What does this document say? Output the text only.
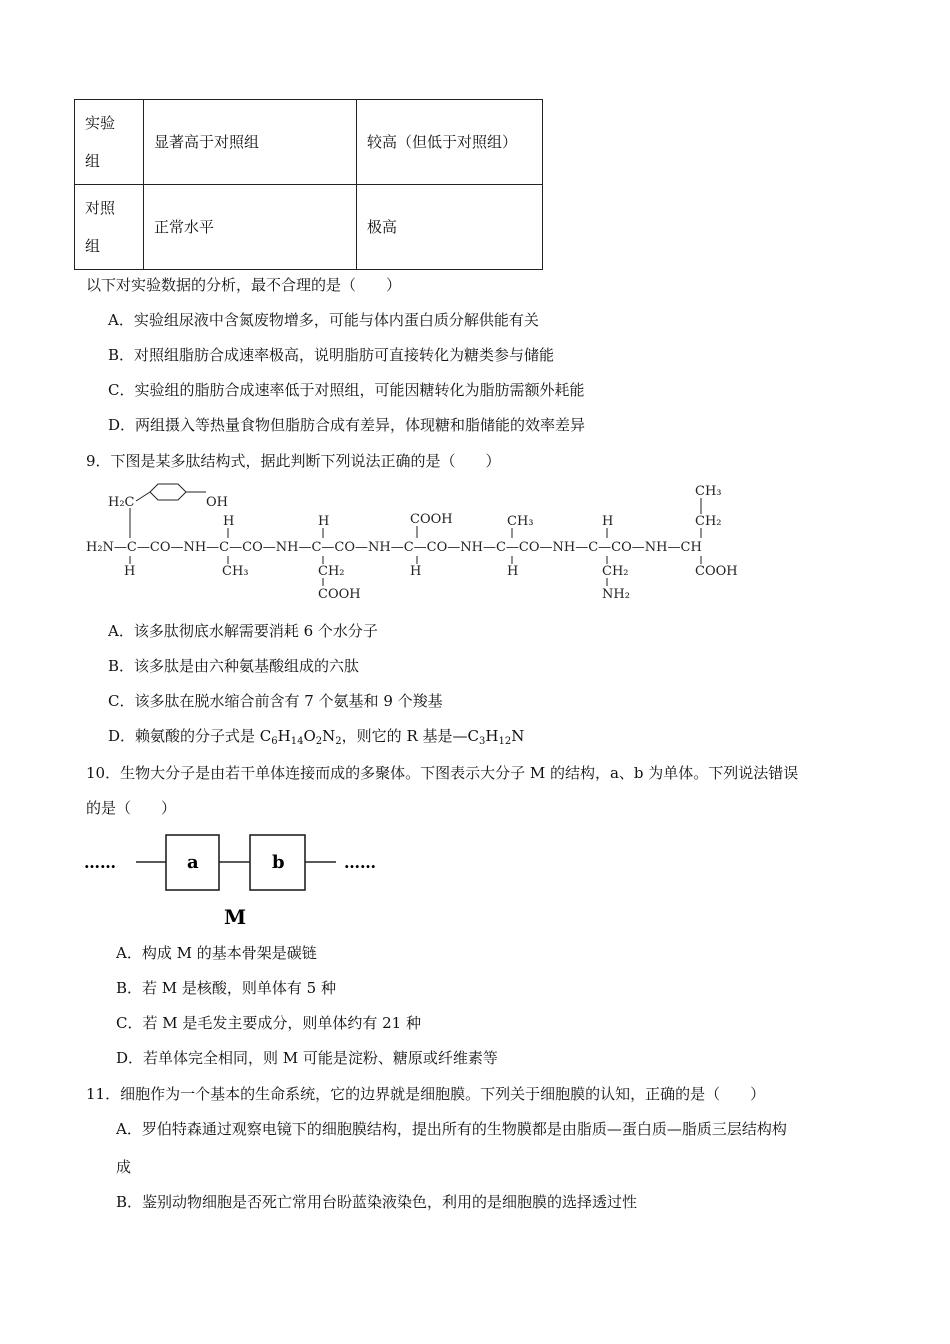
实验
组	显著高于对照组	较高（但低于对照组）
对照
组	正常水平	极高
以下对实验数据的分析，最不合理的是（　　）
A．实验组尿液中含氮废物增多，可能与体内蛋白质分解供能有关
B．对照组脂肪合成速率极高，说明脂肪可直接转化为糖类参与储能
C．实验组的脂肪合成速率低于对照组，可能因糖转化为脂肪需额外耗能
D．两组摄入等热量食物但脂肪合成有差异，体现糖和脂储能的效率差异
9．下图是某多肽结构式，据此判断下列说法正确的是（　　）
H₂C	OH
H	H	COOH	CH₃	H
CH₃
CH₂
H₂N—C—CO—NH—C—CO—NH—C—CO—NH—C—CO—NH—C—CO—NH—C—CO—NH—CH
H	CH₃	CH₂
COOH
H	H	CH₂
NH₂
COOH
A．该多肽彻底水解需要消耗 6 个水分子
B．该多肽是由六种氨基酸组成的六肽
C．该多肽在脱水缩合前含有 7 个氨基和 9 个羧基
D．赖氨酸的分子式是 $C_6H_{14}O_2N_2$，则它的 R 基是$—C_3H_{12}N$
10．生物大分子是由若干单体连接而成的多聚体。下图表示大分子 M 的结构，a、b 为单体。下列说法错误
的是（　　）
……	a	b	……
M
A．构成 M 的基本骨架是碳链
B．若 M 是核酸，则单体有 5 种
C．若 M 是毛发主要成分，则单体约有 21 种
D．若单体完全相同，则 M 可能是淀粉、糖原或纤维素等
11．细胞作为一个基本的生命系统，它的边界就是细胞膜。下列关于细胞膜的认知，正确的是（　　）
A．罗伯特森通过观察电镜下的细胞膜结构，提出所有的生物膜都是由脂质—蛋白质—脂质三层结构构
成
B．鉴别动物细胞是否死亡常用台盼蓝染液染色，利用的是细胞膜的选择透过性
